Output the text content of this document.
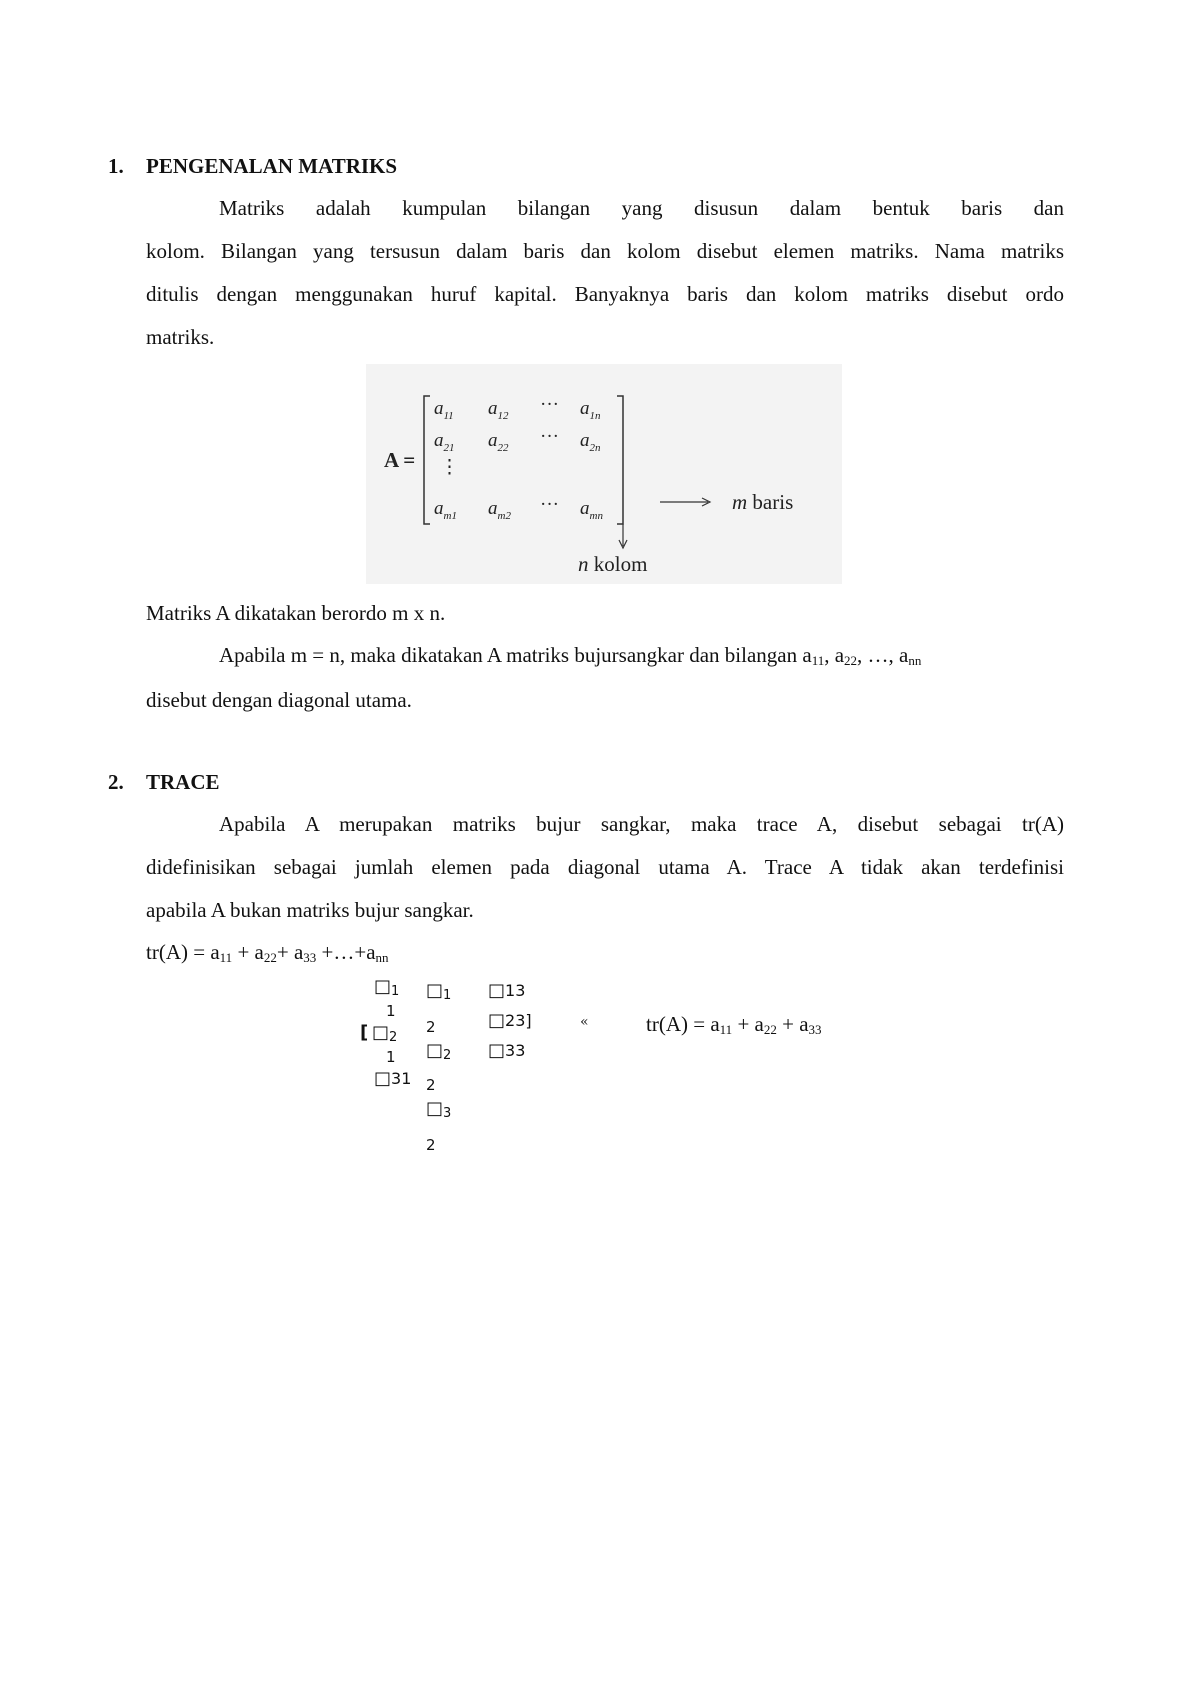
1. PENGENALAN MATRIKS
Matriks adalah kumpulan bilangan yang disusun dalam bentuk baris dan
kolom. Bilangan yang tersusun dalam baris dan kolom disebut elemen matriks. Nama matriks
ditulis dengan menggunakan huruf kapital. Banyaknya baris dan kolom matriks disebut ordo
matriks.
A =
$a_{11}$ $a_{12}$
··· $a_{1n}$
$a_{21}$ $a_{22}$
··· $a_{2n}$
⋮
$a_{m1}$ $a_{m2}$
··· $a_{mn}$
m baris
n kolom
Matriks A dikatakan berordo m x n.
Apabila m = n, maka dikatakan A matriks bujursangkar dan bilangan $a_{11}$, $a_{22}$, …, $a_{nn}$
disebut dengan diagonal utama.
2. TRACE
Apabila A merupakan matriks bujur sangkar, maka trace A, disebut sebagai tr(A)
didefinisikan sebagai jumlah elemen pada diagonal utama A. Trace A tidak akan terdefinisi
apabila A bukan matriks bujur sangkar.
$tr(A) = a_{11} + a_{22}+ a_{33}$ $+\dots+a_{nn}$
$□_1$
1
$□_1$
2
□13
[ $□_2$
1
□23]
$□_2$
2
□33
□31
$□_3$
2
«	$tr(A) = a_{11} + a_{22} + a_{33}$
